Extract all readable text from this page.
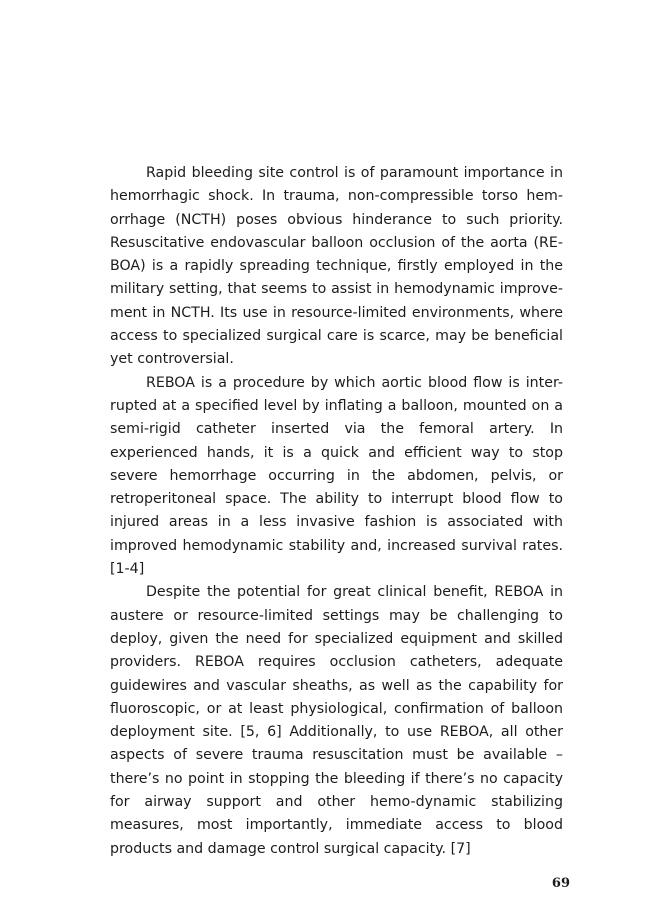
Rapid bleeding site control is of paramount importance in hemorrhagic shock. In trauma, non-compressible torso hem-orrhage (NCTH) poses obvious hinderance to such priority. Resuscitative endovascular balloon occlusion of the aorta (RE-BOA) is a rapidly spreading technique, firstly employed in the military setting, that seems to assist in hemodynamic improve-ment in NCTH. Its use in resource-limited environments, where access to specialized surgical care is scarce, may be beneficial yet controversial.

REBOA is a procedure by which aortic blood flow is inter-rupted at a specified level by inflating a balloon, mounted on a semi-rigid catheter inserted via the femoral artery. In experienced hands, it is a quick and efficient way to stop severe hemorrhage occurring in the abdomen, pelvis, or retroperitoneal space. The ability to interrupt blood flow to injured areas in a less invasive fashion is associated with improved hemodynamic stability and, increased survival rates. [1-4]

Despite the potential for great clinical benefit, REBOA in austere or resource-limited settings may be challenging to deploy, given the need for specialized equipment and skilled providers. REBOA requires occlusion catheters, adequate guidewires and vascular sheaths, as well as the capability for fluoroscopic, or at least physiological, confirmation of balloon deployment site. [5, 6] Additionally, to use REBOA, all other aspects of severe trauma resuscitation must be available – there’s no point in stopping the bleeding if there’s no capacity for airway support and other hemo-dynamic stabilizing measures, most importantly, immediate access to blood products and damage control surgical capacity. [7]

69
